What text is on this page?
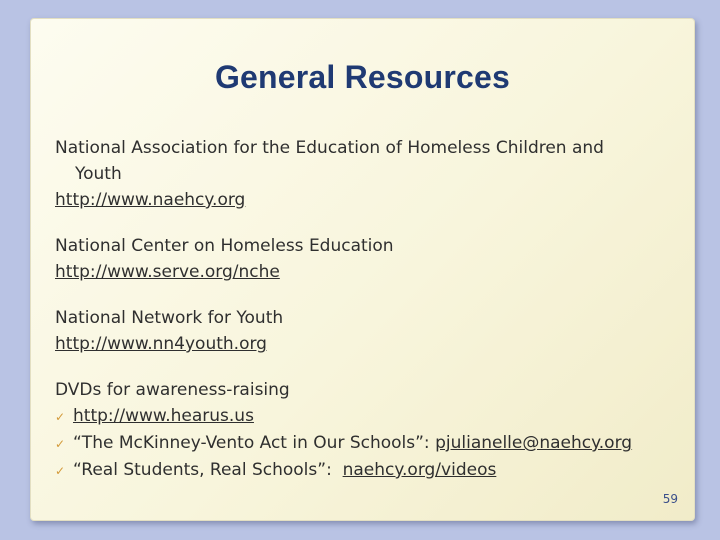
General Resources
National Association for the Education of Homeless Children and
Youth
http://www.naehcy.org
National Center on Homeless Education
http://www.serve.org/nche
National Network for Youth
http://www.nn4youth.org
DVDs for awareness-raising
✓ http://www.hearus.us
✓ “The McKinney-Vento Act in Our Schools”: pjulianelle@naehcy.org
✓ “Real Students, Real Schools”: naehcy.org/videos
59
